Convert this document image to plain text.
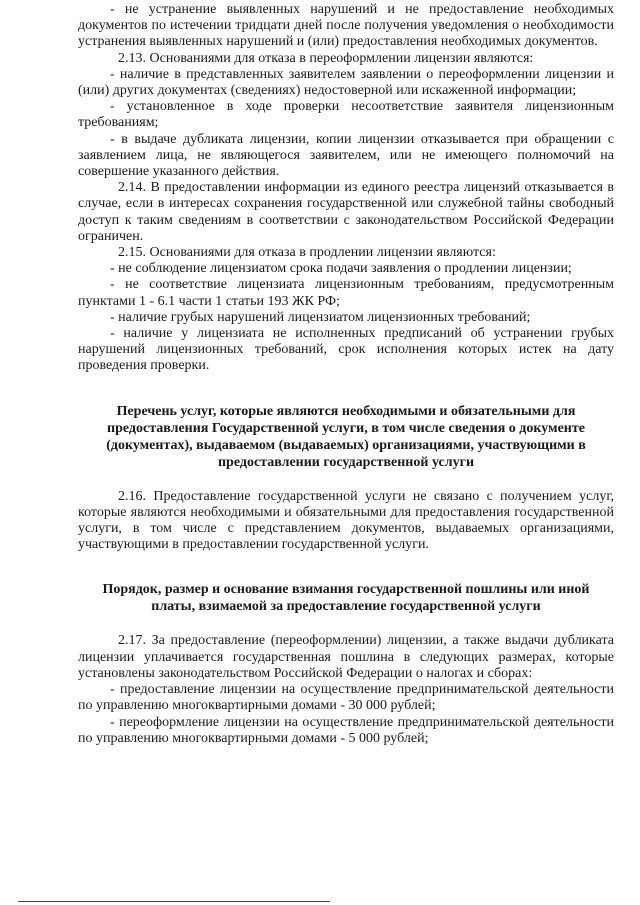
- не устранение выявленных нарушений и не предоставление необходимых документов по истечении тридцати дней после получения уведомления о необходимости устранения выявленных нарушений и (или) предоставления необходимых документов.

2.13. Основаниями для отказа в переоформлении лицензии являются:

- наличие в представленных заявителем заявлении о переоформлении лицензии и (или) других документах (сведениях) недостоверной или искаженной информации;

- установленное в ходе проверки несоответствие заявителя лицензионным требованиям;

- в выдаче дубликата лицензии, копии лицензии отказывается при обращении с заявлением лица, не являющегося заявителем, или не имеющего полномочий на совершение указанного действия.

2.14. В предоставлении информации из единого реестра лицензий отказывается в случае, если в интересах сохранения государственной или служебной тайны свободный доступ к таким сведениям в соответствии с законодательством Российской Федерации ограничен.

2.15. Основаниями для отказа в продлении лицензии являются:

- не соблюдение лицензиатом срока подачи заявления о продлении лицензии;

- не соответствие лицензиата лицензионным требованиям, предусмотренным пунктами 1 - 6.1 части 1 статьи 193 ЖК РФ;

- наличие грубых нарушений лицензиатом лицензионных требований;

- наличие у лицензиата не исполненных предписаний об устранении грубых нарушений лицензионных требований, срок исполнения которых истек на дату проведения проверки.

Перечень услуг, которые являются необходимыми и обязательными для предоставления Государственной услуги, в том числе сведения о документе (документах), выдаваемом (выдаваемых) организациями, участвующими в предоставлении государственной услуги

2.16. Предоставление государственной услуги не связано с получением услуг, которые являются необходимыми и обязательными для предоставления государственной услуги, в том числе с представлением документов, выдаваемых организациями, участвующими в предоставлении государственной услуги.

Порядок, размер и основание взимания государственной пошлины или иной платы, взимаемой за предоставление государственной услуги

2.17. За предоставление (переоформлении) лицензии, а также выдачи дубликата лицензии уплачивается государственная пошлина в следующих размерах, которые установлены законодательством Российской Федерации о налогах и сборах:

- предоставление лицензии на осуществление предпринимательской деятельности по управлению многоквартирными домами - 30 000 рублей;

- переоформление лицензии на осуществление предпринимательской деятельности по управлению многоквартирными домами - 5 000 рублей;
